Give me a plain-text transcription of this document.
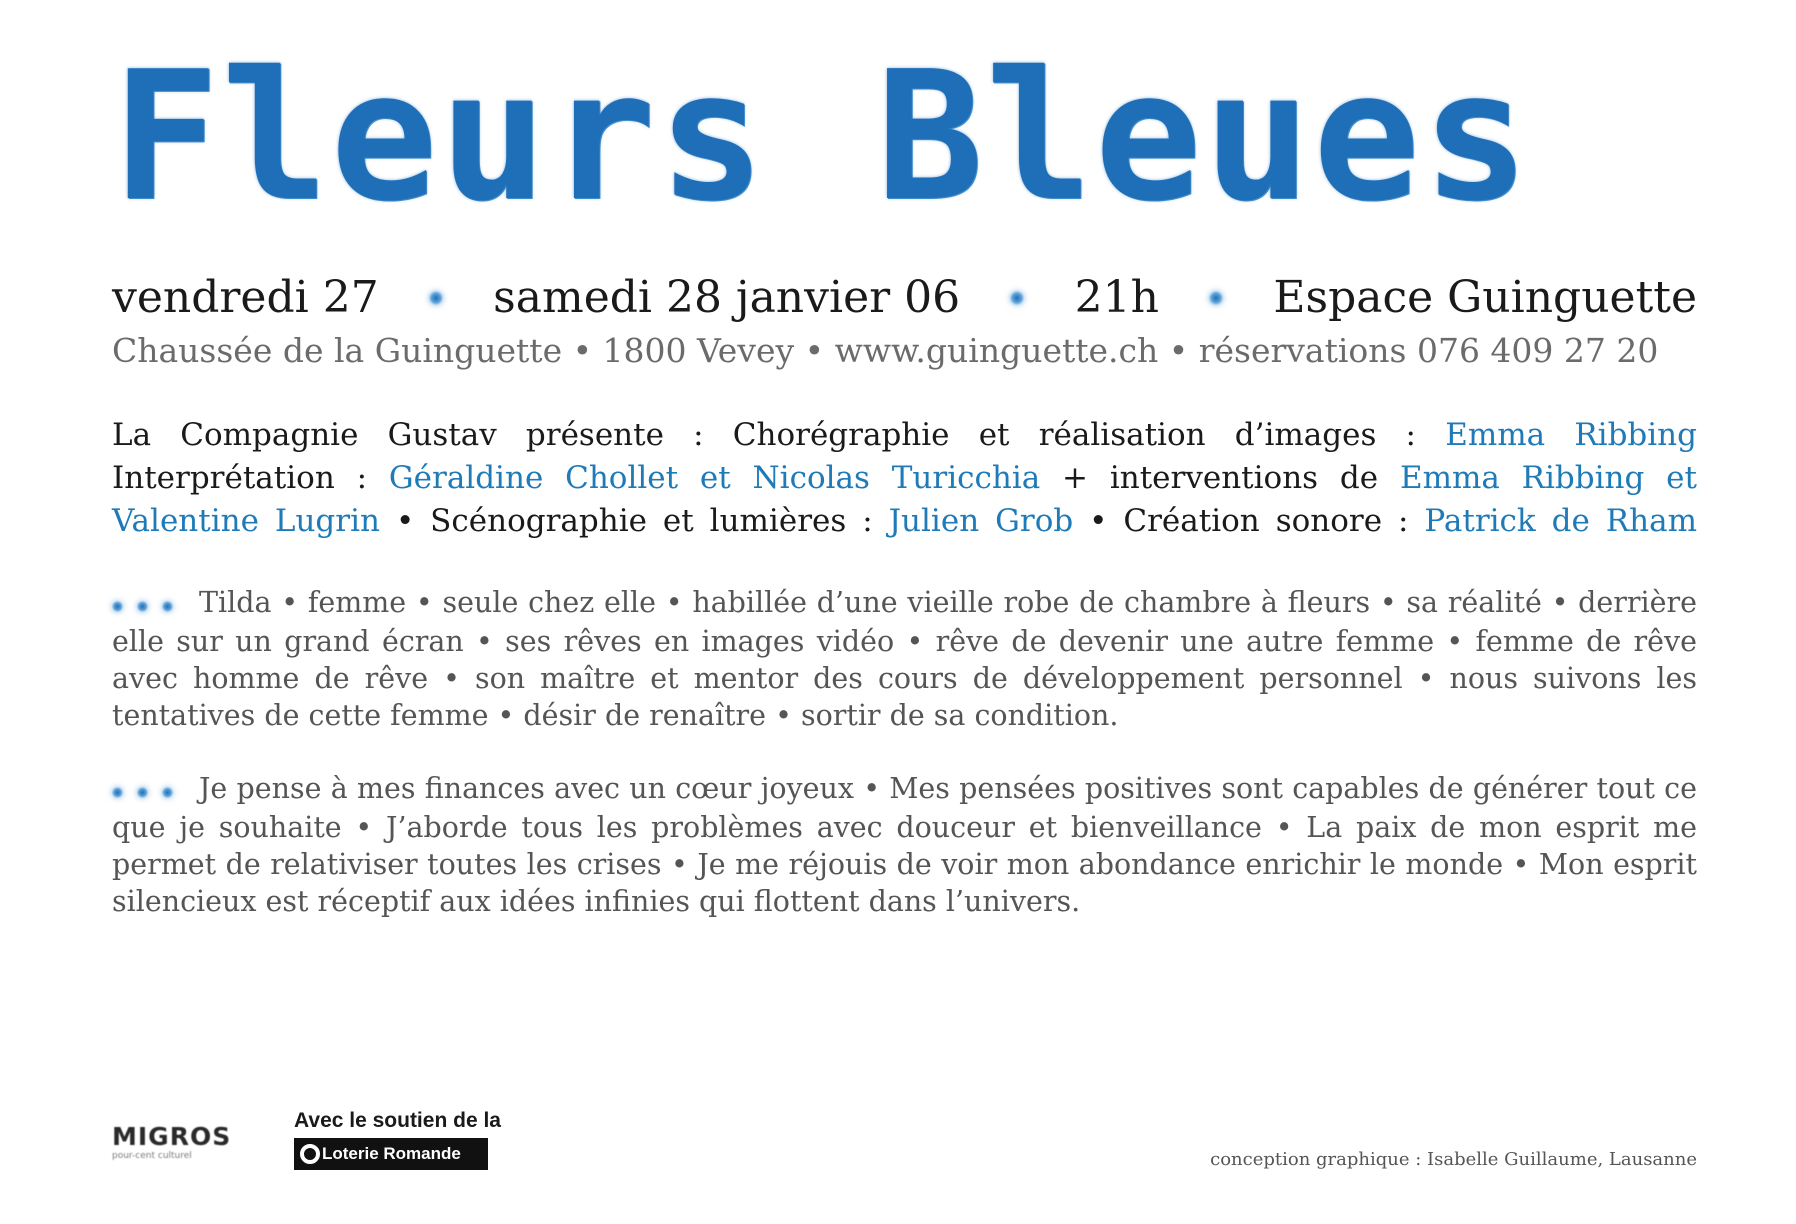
Fleurs Bleues
vendredi 27	samedi 28 janvier 06	21h	Espace Guinguette
Chaussée de la Guinguette • 1800 Vevey • www.guinguette.ch • réservations 076 409 27 20
La Compagnie Gustav présente : Chorégraphie et réalisation d’images : Emma Ribbing
Interprétation : Géraldine Chollet et Nicolas Turicchia + interventions de Emma Ribbing et
Valentine Lugrin • Scénographie et lumières : Julien Grob • Création sonore : Patrick de Rham
Tilda • femme • seule chez elle • habillée d’une vieille robe de chambre à fleurs • sa réalité • derrière elle sur un grand écran • ses rêves en images vidéo • rêve de devenir une autre femme • femme de rêve avec homme de rêve • son maître et mentor des cours de développement personnel • nous suivons les tentatives de cette femme • désir de renaître • sortir de sa condition.
Je pense à mes finances avec un cœur joyeux • Mes pensées positives sont capables de générer tout ce que je souhaite • J’aborde tous les problèmes avec douceur et bienveillance • La paix de mon esprit me permet de relativiser toutes les crises • Je me réjouis de voir mon abondance enrichir le monde • Mon esprit silencieux est réceptif aux idées infinies qui flottent dans l’univers.
MIGROS
pour-cent culturel
Avec le soutien de la
Loterie Romande	conception graphique : Isabelle Guillaume, Lausanne
